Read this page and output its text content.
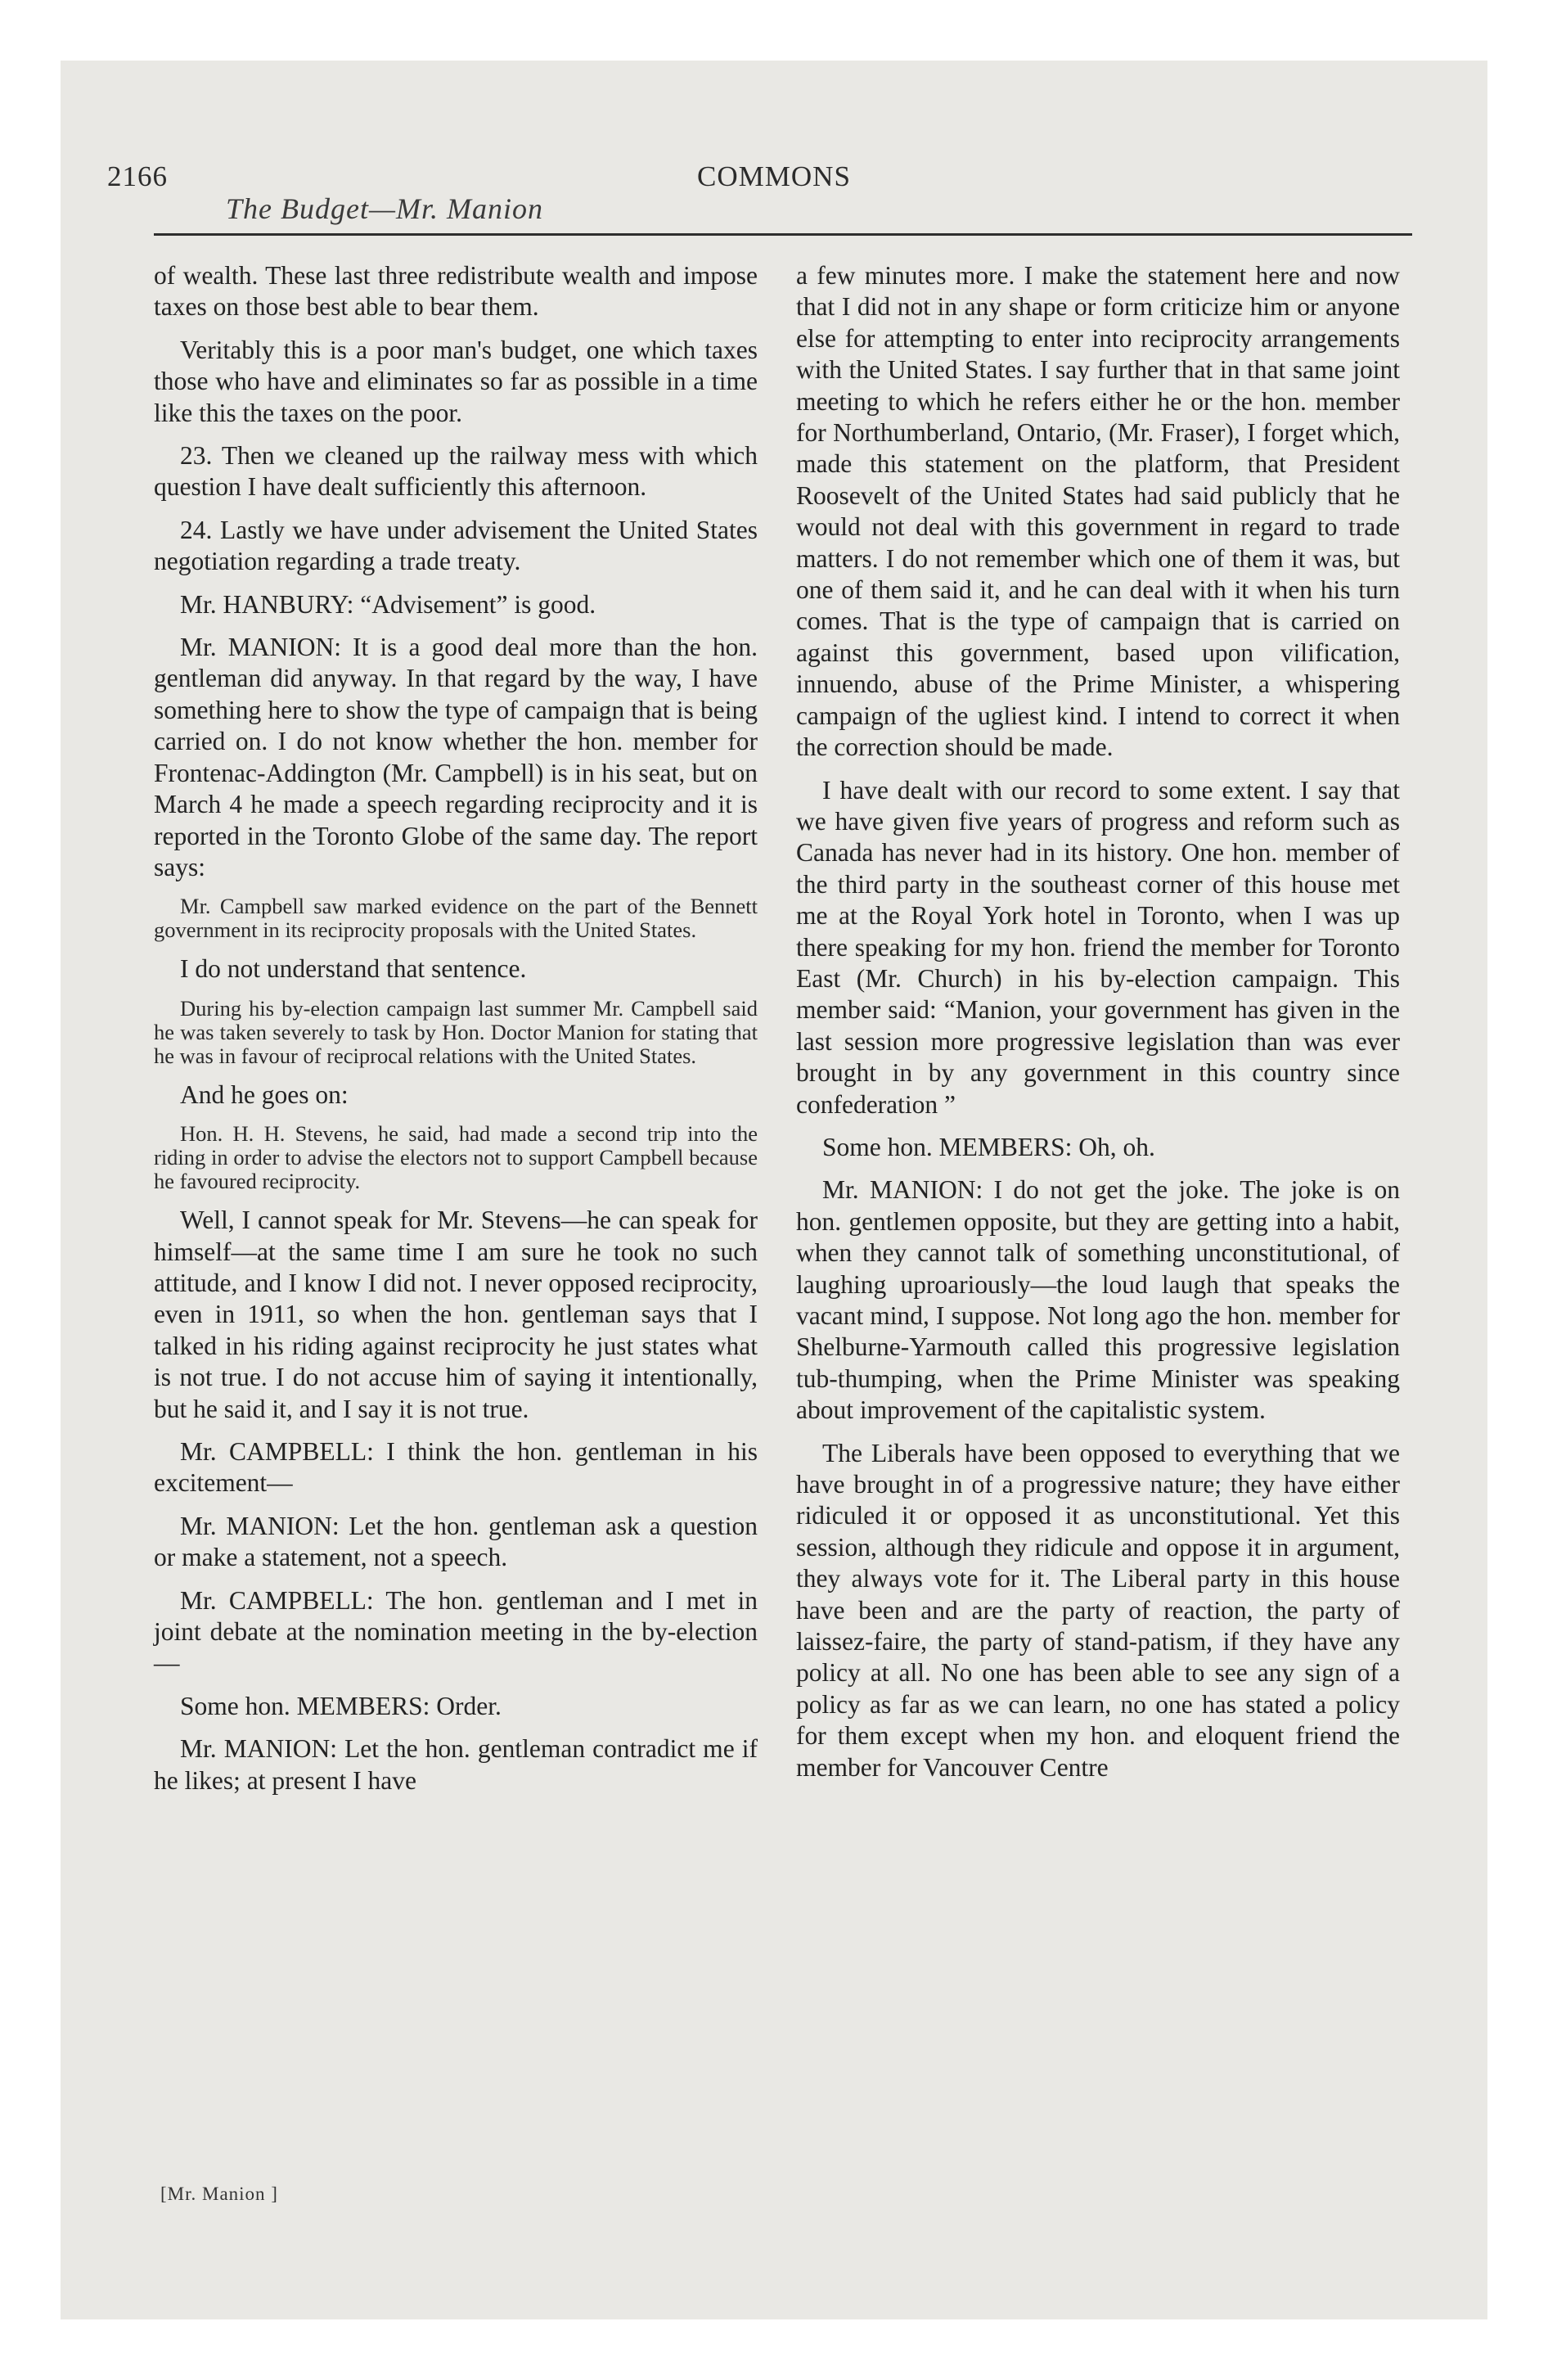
2166
The Budget—Mr. Manion
COMMONS
of wealth. These last three redistribute wealth and impose taxes on those best able to bear them.
Veritably this is a poor man's budget, one which taxes those who have and eliminates so far as possible in a time like this the taxes on the poor.
23. Then we cleaned up the railway mess with which question I have dealt sufficiently this afternoon.
24. Lastly we have under advisement the United States negotiation regarding a trade treaty.
Mr. HANBURY: “Advisement” is good.
Mr. MANION: It is a good deal more than the hon. gentleman did anyway. In that regard by the way, I have something here to show the type of campaign that is being carried on. I do not know whether the hon. member for Frontenac-Addington (Mr. Campbell) is in his seat, but on March 4 he made a speech regarding reciprocity and it is reported in the Toronto Globe of the same day. The report says:
Mr. Campbell saw marked evidence on the part of the Bennett government in its reciprocity proposals with the United States.
I do not understand that sentence.
During his by-election campaign last summer Mr. Campbell said he was taken severely to task by Hon. Doctor Manion for stating that he was in favour of reciprocal relations with the United States.
And he goes on:
Hon. H. H. Stevens, he said, had made a second trip into the riding in order to advise the electors not to support Campbell because he favoured reciprocity.
Well, I cannot speak for Mr. Stevens—he can speak for himself—at the same time I am sure he took no such attitude, and I know I did not. I never opposed reciprocity, even in 1911, so when the hon. gentleman says that I talked in his riding against reciprocity he just states what is not true. I do not accuse him of saying it intentionally, but he said it, and I say it is not true.
Mr. CAMPBELL: I think the hon. gentleman in his excitement—
Mr. MANION: Let the hon. gentleman ask a question or make a statement, not a speech.
Mr. CAMPBELL: The hon. gentleman and I met in joint debate at the nomination meeting in the by-election—
Some hon. MEMBERS: Order.
Mr. MANION: Let the hon. gentleman contradict me if he likes; at present I have
a few minutes more. I make the statement here and now that I did not in any shape or form criticize him or anyone else for attempting to enter into reciprocity arrangements with the United States. I say further that in that same joint meeting to which he refers either he or the hon. member for Northumberland, Ontario, (Mr. Fraser), I forget which, made this statement on the platform, that President Roosevelt of the United States had said publicly that he would not deal with this government in regard to trade matters. I do not remember which one of them it was, but one of them said it, and he can deal with it when his turn comes. That is the type of campaign that is carried on against this government, based upon vilification, innuendo, abuse of the Prime Minister, a whispering campaign of the ugliest kind. I intend to correct it when the correction should be made.
I have dealt with our record to some extent. I say that we have given five years of progress and reform such as Canada has never had in its history. One hon. member of the third party in the southeast corner of this house met me at the Royal York hotel in Toronto, when I was up there speaking for my hon. friend the member for Toronto East (Mr. Church) in his by-election campaign. This member said: “Manion, your government has given in the last session more progressive legislation than was ever brought in by any government in this country since confederation ”
Some hon. MEMBERS: Oh, oh.
Mr. MANION: I do not get the joke. The joke is on hon. gentlemen opposite, but they are getting into a habit, when they cannot talk of something unconstitutional, of laughing uproariously—the loud laugh that speaks the vacant mind, I suppose. Not long ago the hon. member for Shelburne-Yarmouth called this progressive legislation tub-thumping, when the Prime Minister was speaking about improvement of the capitalistic system.
The Liberals have been opposed to everything that we have brought in of a progressive nature; they have either ridiculed it or opposed it as unconstitutional. Yet this session, although they ridicule and oppose it in argument, they always vote for it. The Liberal party in this house have been and are the party of reaction, the party of laissez-faire, the party of stand-patism, if they have any policy at all. No one has been able to see any sign of a policy as far as we can learn, no one has stated a policy for them except when my hon. and eloquent friend the member for Vancouver Centre
[Mr. Manion ]
